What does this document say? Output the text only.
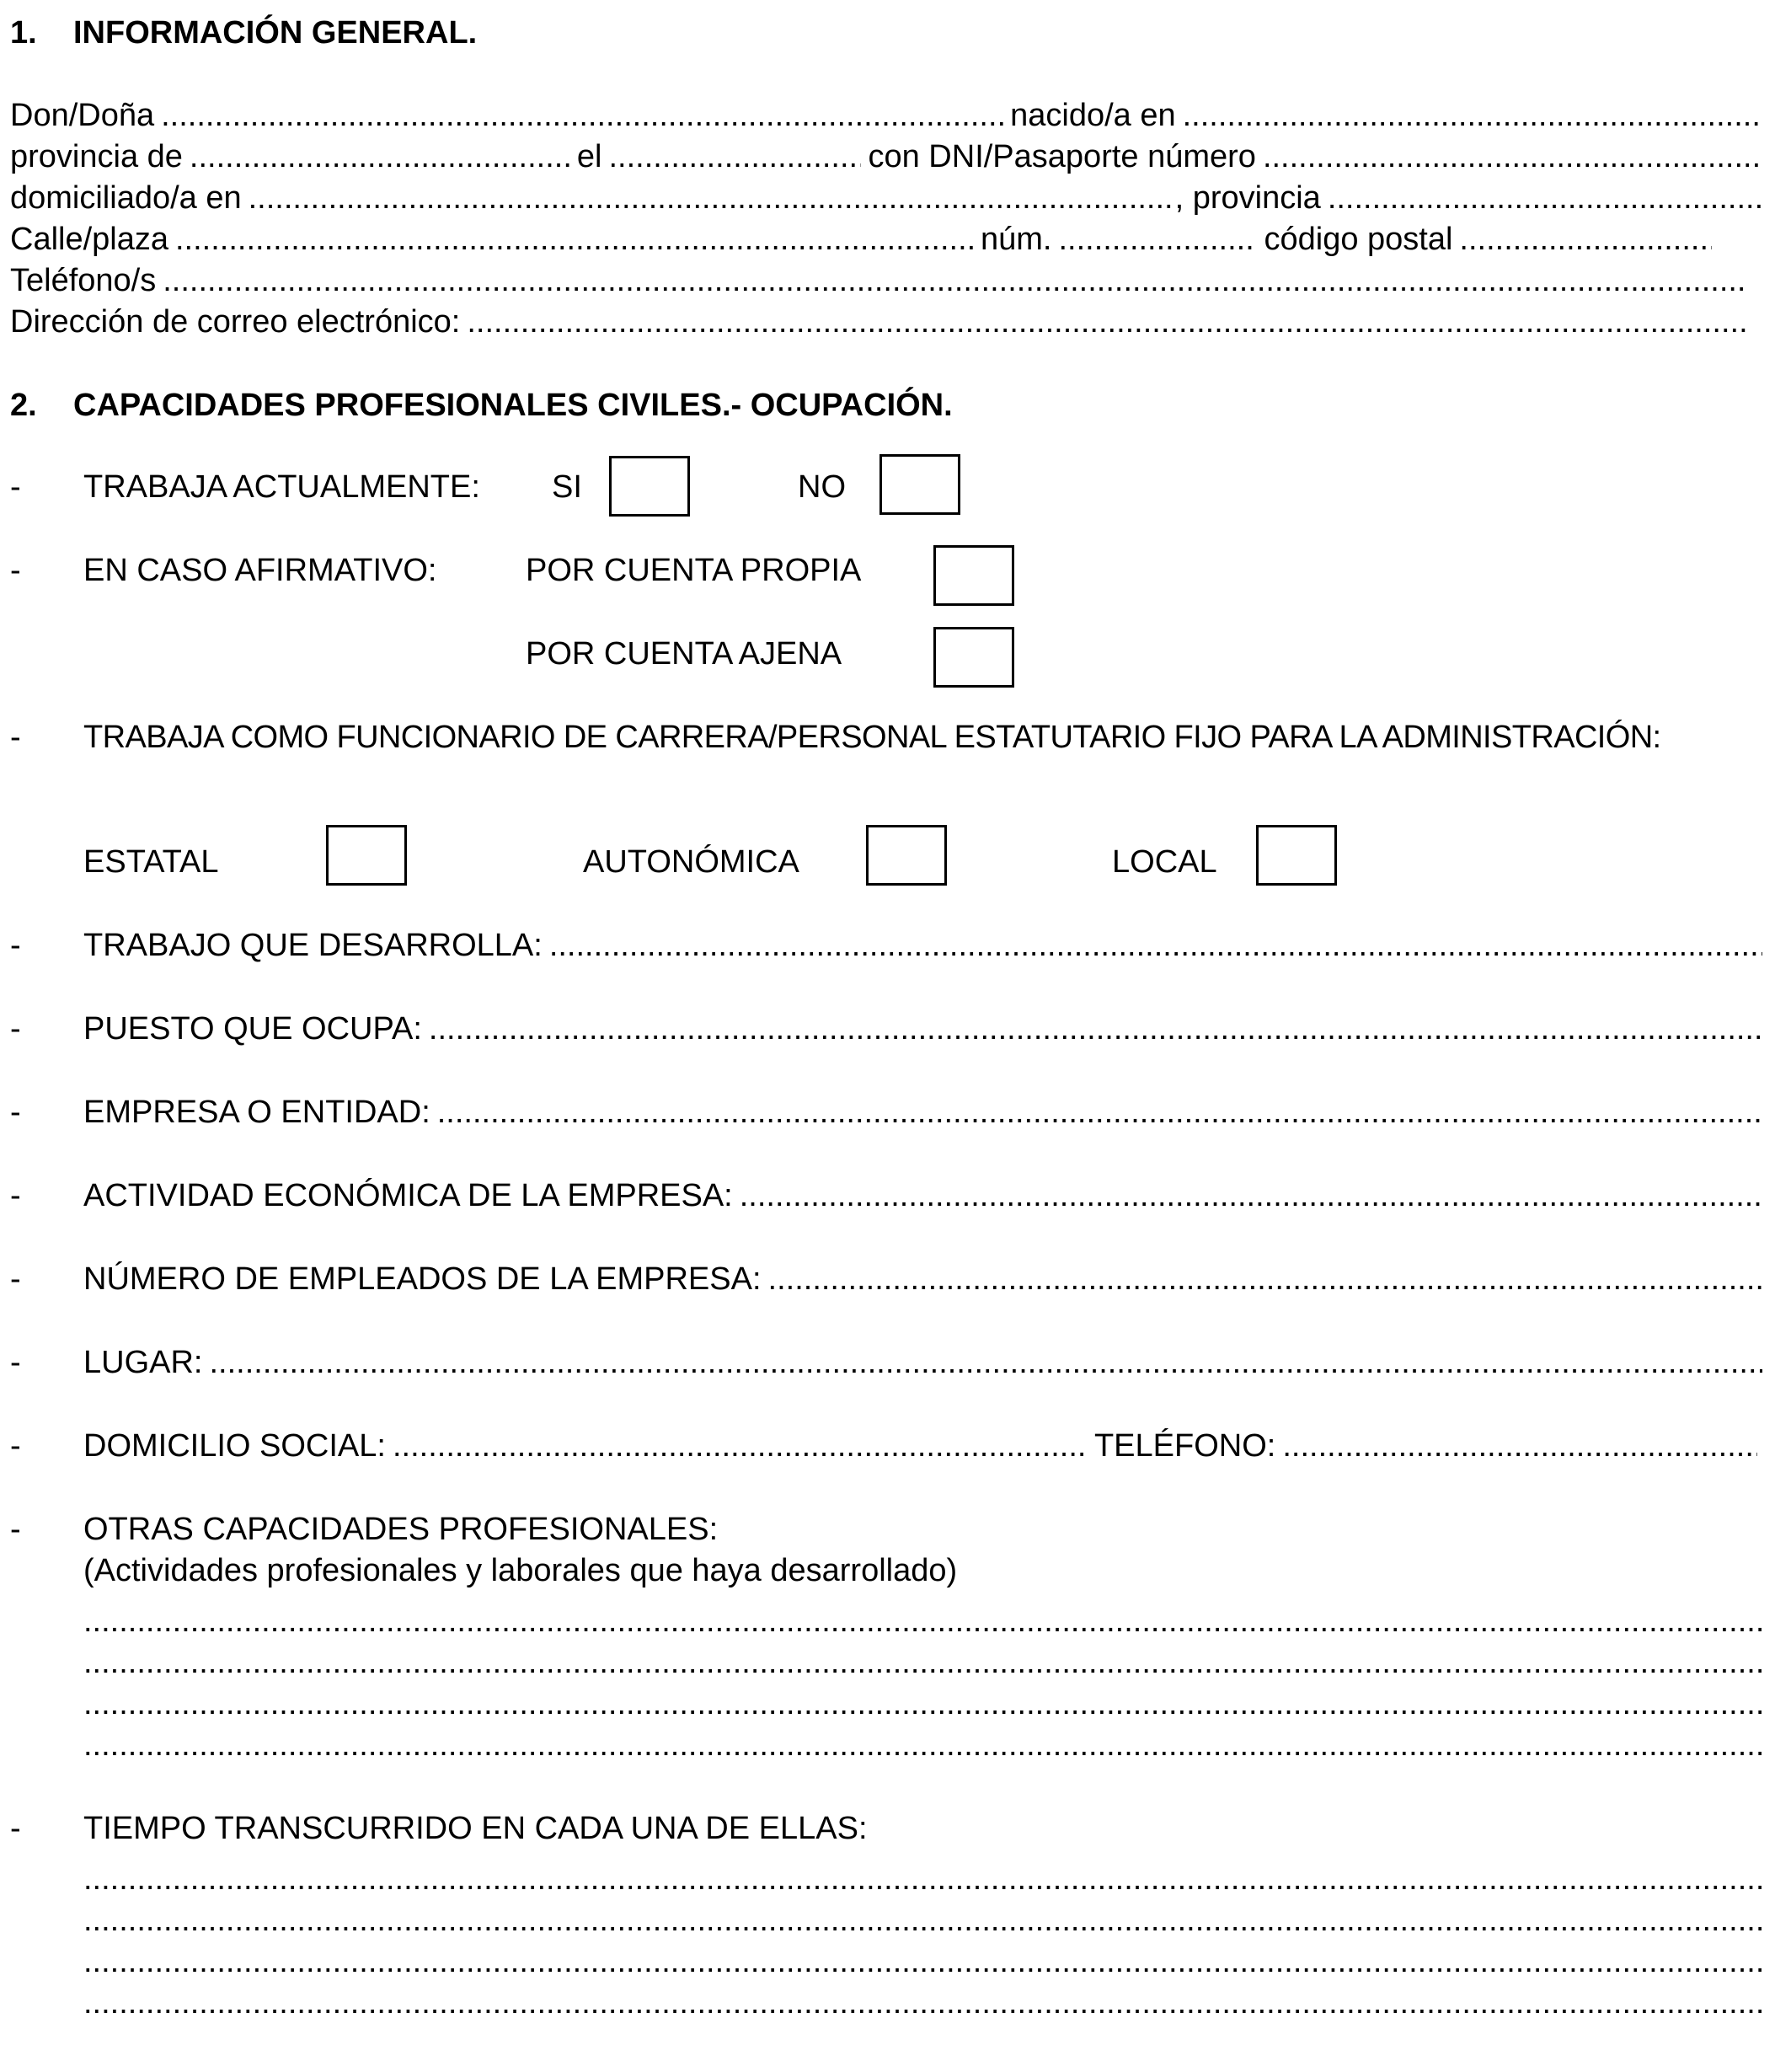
1.	INFORMACIÓN GENERAL.
Don/Doña .....	nacido/a en
.....
provincia de .....	el .....	con DNI/Pasaporte número
.....
domiciliado/a en .....	, provincia
.....
Calle/plaza .....	núm. .....	código postal
.....
Teléfono/s
.....
Dirección de correo electrónico:
.....
2.	CAPACIDADES PROFESIONALES CIVILES.- OCUPACIÓN.
- TRABAJA ACTUALMENTE: SI	NO
- EN CASO AFIRMATIVO:	POR CUENTA PROPIA
POR CUENTA AJENA
- TRABAJA COMO FUNCIONARIO DE CARRERA/PERSONAL ESTATUTARIO FIJO PARA LA ADMINISTRACIÓN:
ESTATAL	AUTONÓMICA	LOCAL
- TRABAJO QUE DESARROLLA:
.....
- PUESTO QUE OCUPA:
.....
- EMPRESA O ENTIDAD:
.....
- ACTIVIDAD ECONÓMICA DE LA EMPRESA:
.....
- NÚMERO DE EMPLEADOS DE LA EMPRESA:
.....
- LUGAR:
.....
- DOMICILIO SOCIAL: .....	TELÉFONO:
.....
- OTRAS CAPACIDADES PROFESIONALES:
(Actividades profesionales y laborales que haya desarrollado)
.....
.....
.....
.....
- TIEMPO TRANSCURRIDO EN CADA UNA DE ELLAS:
.....
.....
.....
.....
